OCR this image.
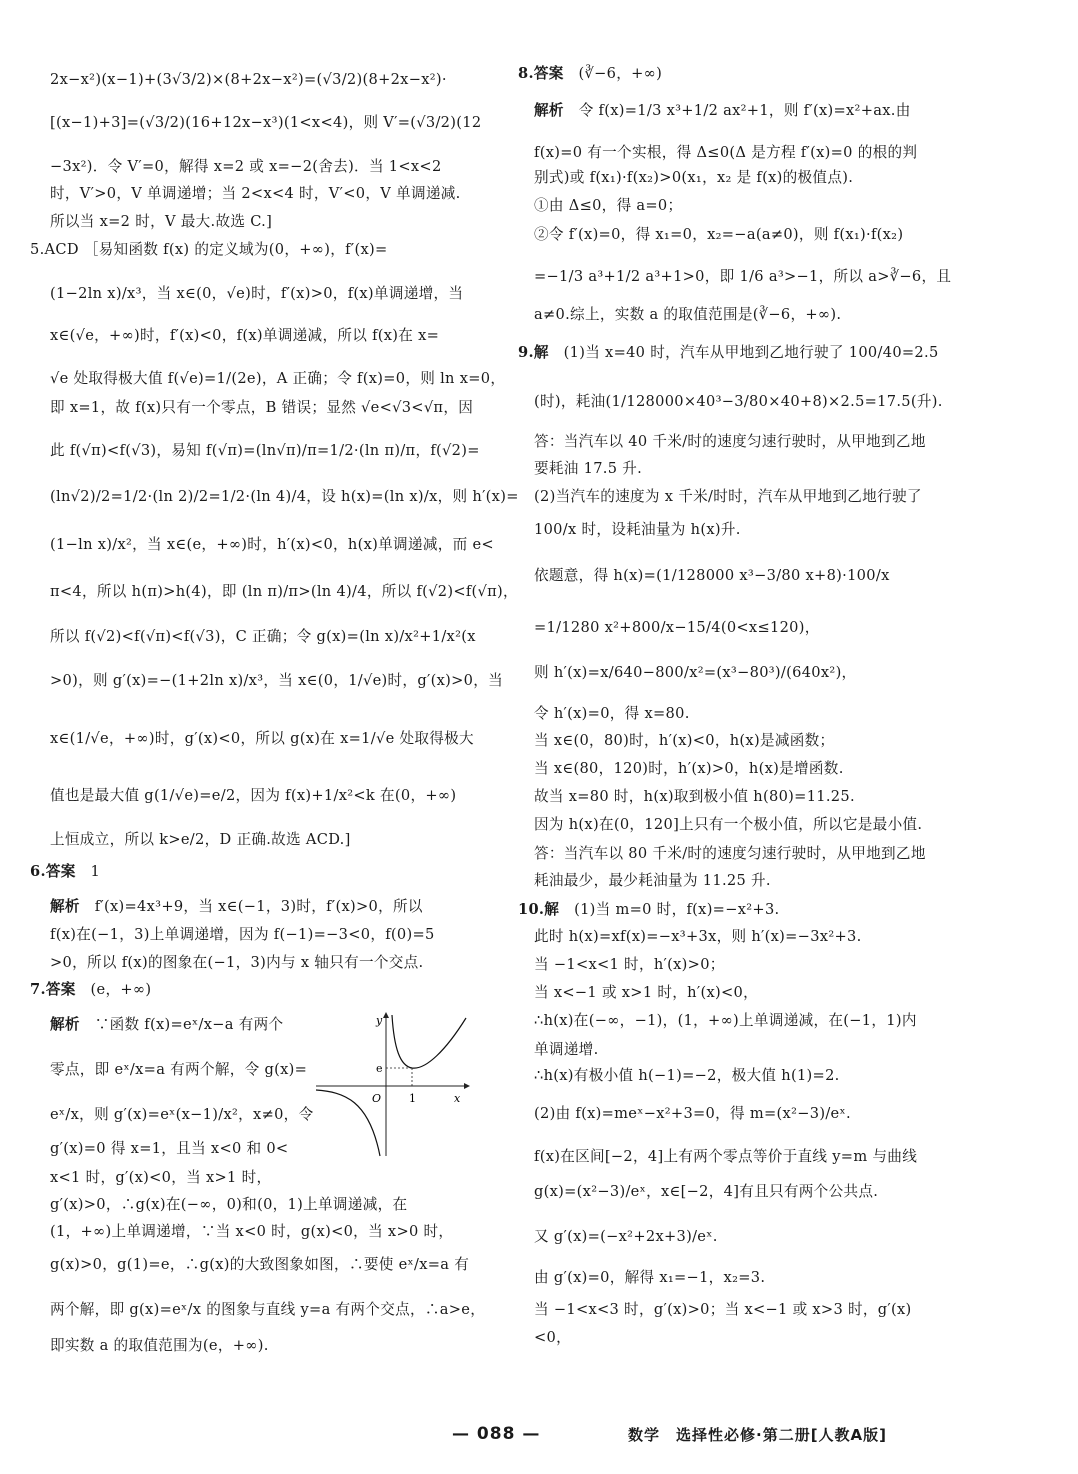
2x−x²)(x−1)+(3√3/2)×(8+2x−x²)=(√3/2)(8+2x−x²)·
[(x−1)+3]=(√3/2)(16+12x−x³)(1<x<4)，则 V′=(√3/2)(12
−3x²)．令 V′=0，解得 x=2 或 x=−2(舍去)．当 1<x<2
时，V′>0，V 单调递增；当 2<x<4 时，V′<0，V 单调递减.
所以当 x=2 时，V 最大.故选 C.]
5.ACD ［易知函数 f(x) 的定义域为(0，+∞)，f′(x)=
(1−2ln x)/x³，当 x∈(0，√e)时，f′(x)>0，f(x)单调递增，当
x∈(√e，+∞)时，f′(x)<0，f(x)单调递减，所以 f(x)在 x=
√e 处取得极大值 f(√e)=1/(2e)，A 正确；令 f(x)=0，则 ln x=0，
即 x=1，故 f(x)只有一个零点，B 错误；显然 √e<√3<√π，因
此 f(√π)<f(√3)，易知 f(√π)=(ln√π)/π=1/2·(ln π)/π，f(√2)=
(ln√2)/2=1/2·(ln 2)/2=1/2·(ln 4)/4，设 h(x)=(ln x)/x，则 h′(x)=
(1−ln x)/x²，当 x∈(e，+∞)时，h′(x)<0，h(x)单调递减，而 e<
π<4，所以 h(π)>h(4)，即 (ln π)/π>(ln 4)/4，所以 f(√2)<f(√π)，
所以 f(√2)<f(√π)<f(√3)，C 正确；令 g(x)=(ln x)/x²+1/x²(x
>0)，则 g′(x)=−(1+2ln x)/x³，当 x∈(0，1/√e)时，g′(x)>0，当
x∈(1/√e，+∞)时，g′(x)<0，所以 g(x)在 x=1/√e 处取得极大
值也是最大值 g(1/√e)=e/2，因为 f(x)+1/x²<k 在(0，+∞)
上恒成立，所以 k>e/2，D 正确.故选 ACD.]
6.答案　1
解析　f′(x)=4x³+9，当 x∈(−1，3)时，f′(x)>0，所以
f(x)在(−1，3)上单调递增，因为 f(−1)=−3<0，f(0)=5
>0，所以 f(x)的图象在(−1，3)内与 x 轴只有一个交点.
7.答案　(e，+∞)
解析　∵函数 f(x)=eˣ/x−a 有两个
零点，即 eˣ/x=a 有两个解，令 g(x)=
eˣ/x，则 g′(x)=eˣ(x−1)/x²，x≠0，令
g′(x)=0 得 x=1，且当 x<0 和 0<
x<1 时，g′(x)<0，当 x>1 时，
g′(x)>0，∴g(x)在(−∞，0)和(0，1)上单调递减，在
(1，+∞)上单调递增，∵当 x<0 时，g(x)<0，当 x>0 时，
g(x)>0，g(1)=e，∴g(x)的大致图象如图，∴要使 eˣ/x=a 有
两个解，即 g(x)=eˣ/x 的图象与直线 y=a 有两个交点，∴a>e，
即实数 a 的取值范围为(e，+∞).
8.答案　(∛−6，+∞)
解析　令 f(x)=1/3 x³+1/2 ax²+1，则 f′(x)=x²+ax.由
f(x)=0 有一个实根，得 Δ≤0(Δ 是方程 f′(x)=0 的根的判
别式)或 f(x₁)·f(x₂)>0(x₁，x₂ 是 f(x)的极值点).
①由 Δ≤0，得 a=0；
②令 f′(x)=0，得 x₁=0，x₂=−a(a≠0)，则 f(x₁)·f(x₂)
=−1/3 a³+1/2 a³+1>0，即 1/6 a³>−1，所以 a>∛−6，且
a≠0.综上，实数 a 的取值范围是(∛−6，+∞).
9.解　(1)当 x=40 时，汽车从甲地到乙地行驶了 100/40=2.5
(时)，耗油(1/128000×40³−3/80×40+8)×2.5=17.5(升).
答：当汽车以 40 千米/时的速度匀速行驶时，从甲地到乙地
要耗油 17.5 升.
(2)当汽车的速度为 x 千米/时时，汽车从甲地到乙地行驶了
100/x 时，设耗油量为 h(x)升.
依题意，得 h(x)=(1/128000 x³−3/80 x+8)·100/x
=1/1280 x²+800/x−15/4(0<x≤120)，
则 h′(x)=x/640−800/x²=(x³−80³)/(640x²)，
令 h′(x)=0，得 x=80.
当 x∈(0，80)时，h′(x)<0，h(x)是减函数；
当 x∈(80，120)时，h′(x)>0，h(x)是增函数.
故当 x=80 时，h(x)取到极小值 h(80)=11.25.
因为 h(x)在(0，120]上只有一个极小值，所以它是最小值.
答：当汽车以 80 千米/时的速度匀速行驶时，从甲地到乙地
耗油最少，最少耗油量为 11.25 升.
10.解　(1)当 m=0 时，f(x)=−x²+3.
此时 h(x)=xf(x)=−x³+3x，则 h′(x)=−3x²+3.
当 −1<x<1 时，h′(x)>0；
当 x<−1 或 x>1 时，h′(x)<0，
∴h(x)在(−∞，−1)，(1，+∞)上单调递减，在(−1，1)内
单调递增.
∴h(x)有极小值 h(−1)=−2，极大值 h(1)=2.
(2)由 f(x)=meˣ−x²+3=0，得 m=(x²−3)/eˣ.
f(x)在区间[−2，4]上有两个零点等价于直线 y=m 与曲线
g(x)=(x²−3)/eˣ，x∈[−2，4]有且只有两个公共点.
又 g′(x)=(−x²+2x+3)/eˣ.
由 g′(x)=0，解得 x₁=−1，x₂=3.
当 −1<x<3 时，g′(x)>0；当 x<−1 或 x>3 时，g′(x)
<0，
y
x
O
e
1
— 088 —	数学　选择性必修·第二册[人教A版]
